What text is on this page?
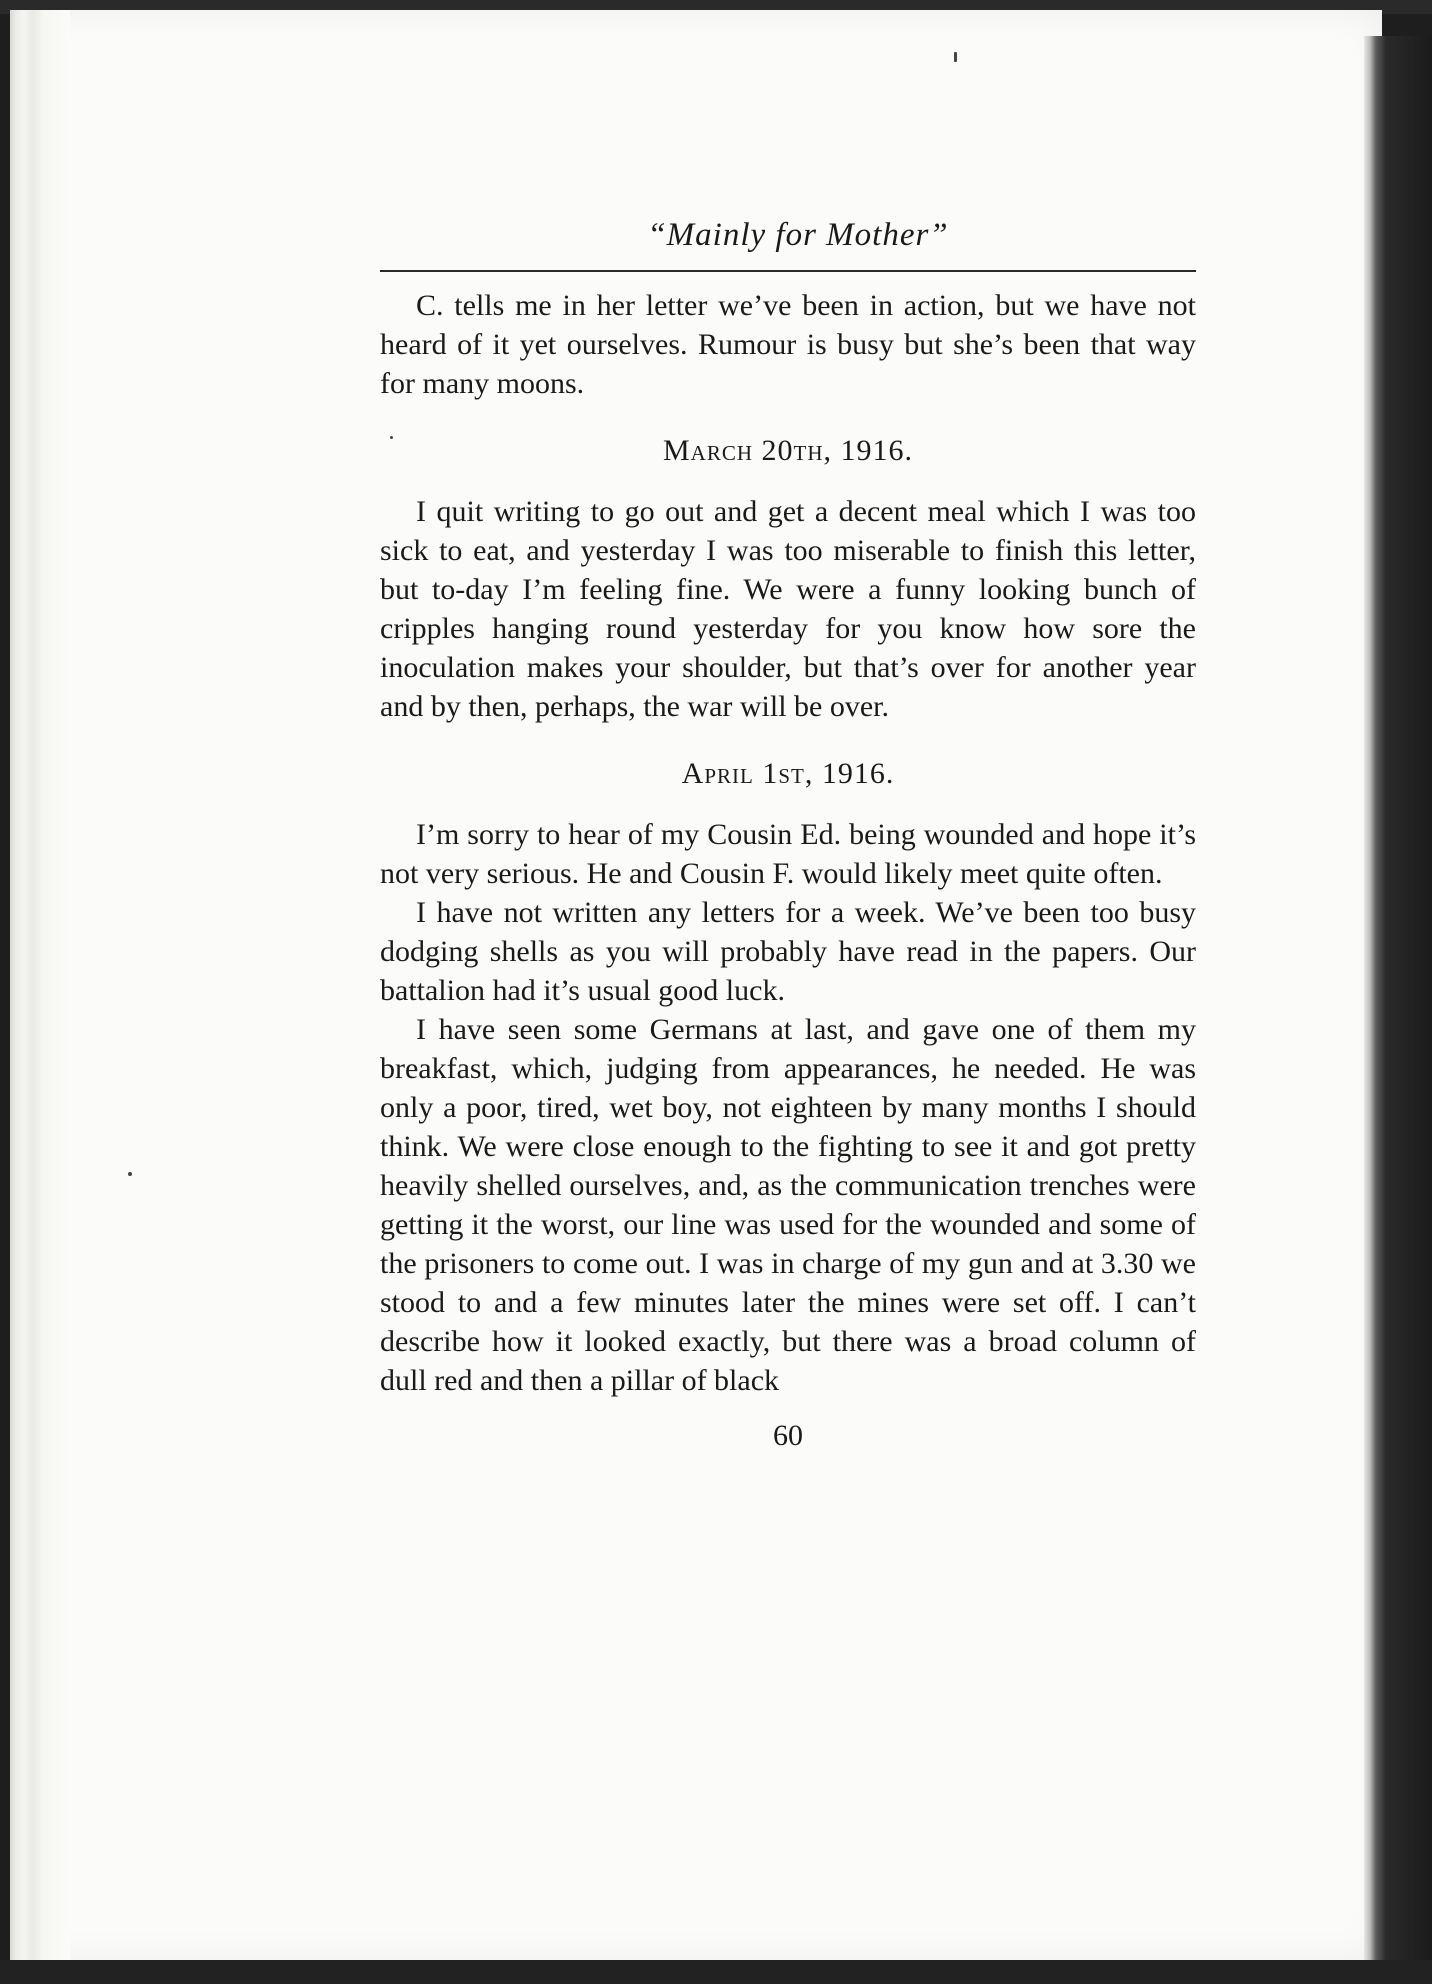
“Mainly for Mother”

C. tells me in her letter we’ve been in action, but we have not heard of it yet ourselves. Rumour is busy but she’s been that way for many moons.

March 20th, 1916.

I quit writing to go out and get a decent meal which I was too sick to eat, and yesterday I was too miserable to finish this letter, but to-day I’m feeling fine. We were a funny looking bunch of cripples hanging round yesterday for you know how sore the inoculation makes your shoulder, but that’s over for another year and by then, perhaps, the war will be over.

April 1st, 1916.

I’m sorry to hear of my Cousin Ed. being wounded and hope it’s not very serious. He and Cousin F. would likely meet quite often.

I have not written any letters for a week. We’ve been too busy dodging shells as you will probably have read in the papers. Our battalion had it’s usual good luck.

I have seen some Germans at last, and gave one of them my breakfast, which, judging from appearances, he needed. He was only a poor, tired, wet boy, not eighteen by many months I should think. We were close enough to the fighting to see it and got pretty heavily shelled ourselves, and, as the communication trenches were getting it the worst, our line was used for the wounded and some of the prisoners to come out. I was in charge of my gun and at 3.30 we stood to and a few minutes later the mines were set off. I can’t describe how it looked exactly, but there was a broad column of dull red and then a pillar of black

60
